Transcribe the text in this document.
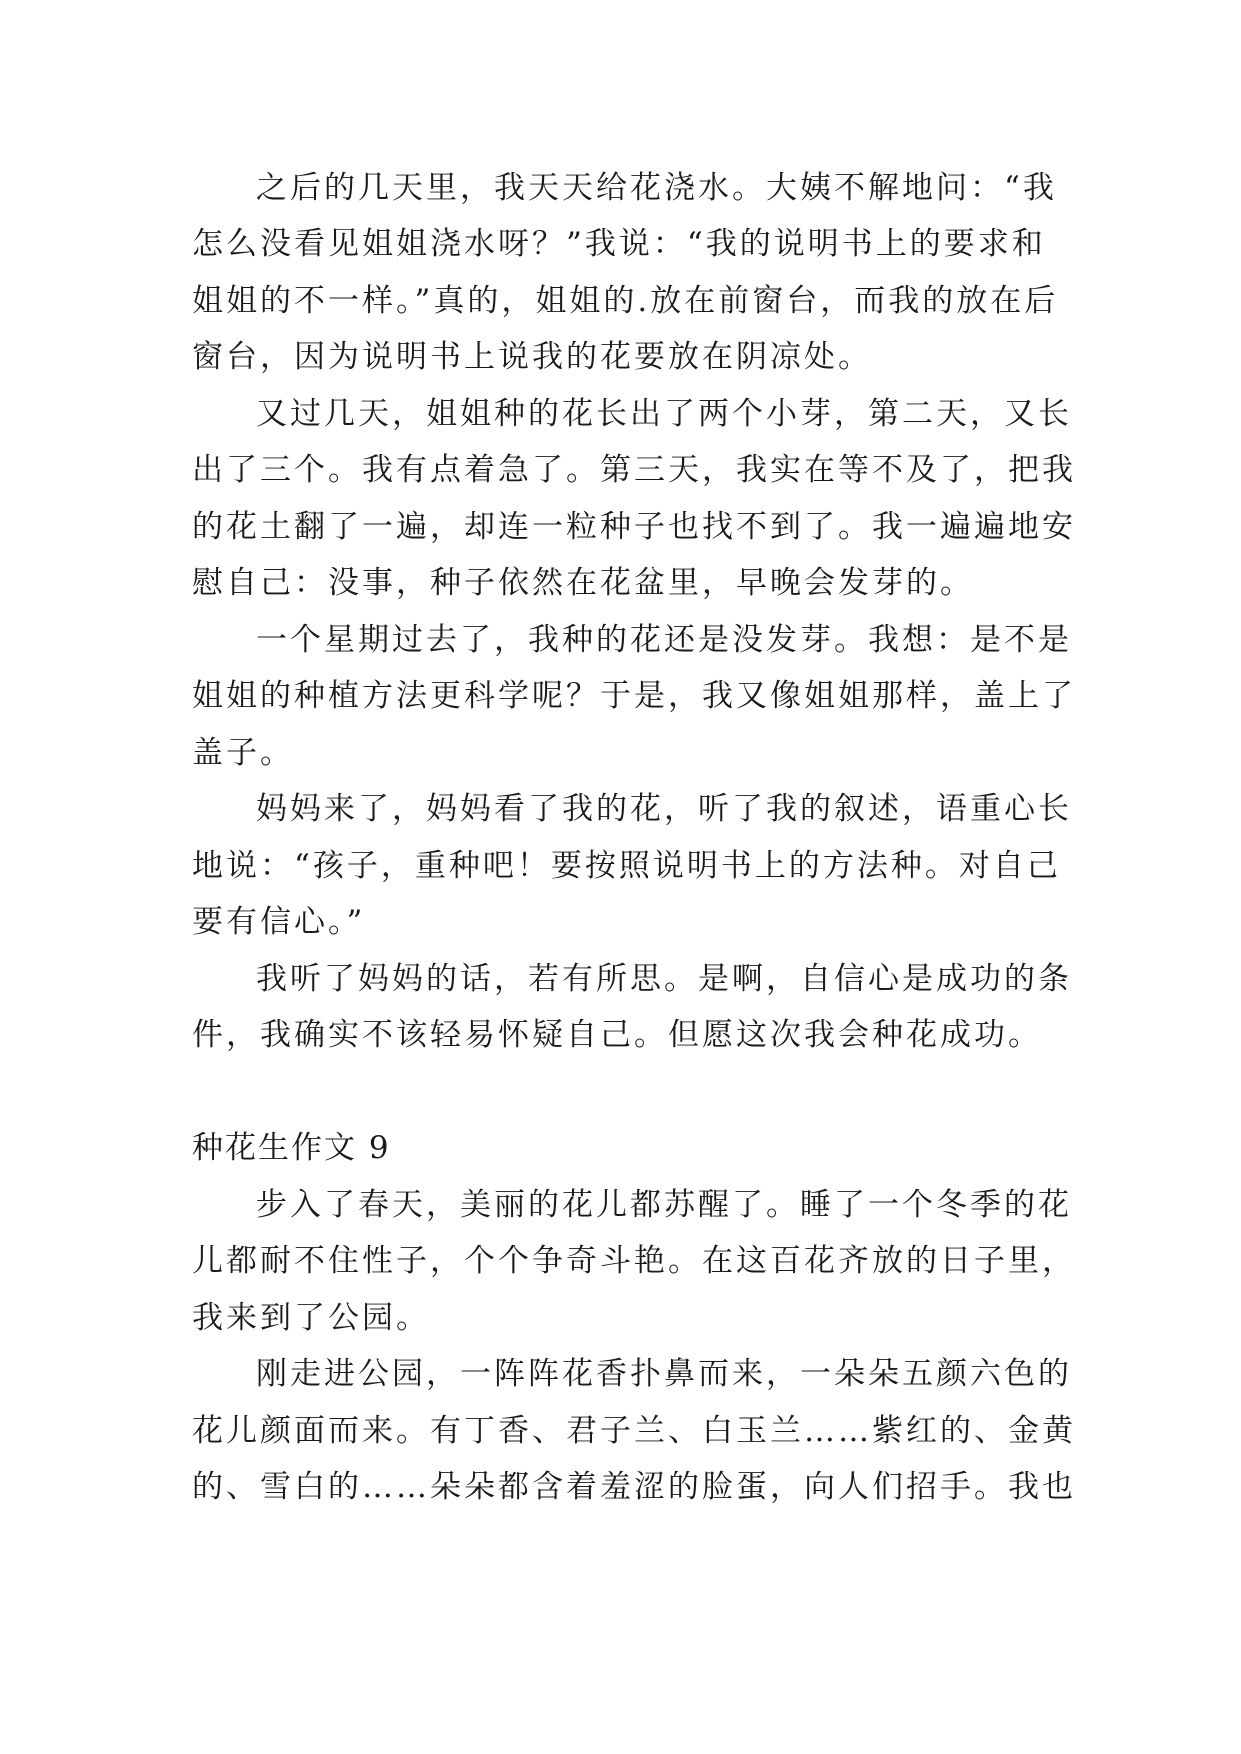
之后的几天里，我天天给花浇水。大姨不解地问：“我
怎么没看见姐姐浇水呀？”我说：“我的说明书上的要求和
姐姐的不一样。”真的，姐姐的.放在前窗台，而我的放在后
窗台，因为说明书上说我的花要放在阴凉处。
又过几天，姐姐种的花长出了两个小芽，第二天，又长
出了三个。我有点着急了。第三天，我实在等不及了，把我
的花土翻了一遍，却连一粒种子也找不到了。我一遍遍地安
慰自己：没事，种子依然在花盆里，早晚会发芽的。
一个星期过去了，我种的花还是没发芽。我想：是不是
姐姐的种植方法更科学呢？于是，我又像姐姐那样，盖上了
盖子。
妈妈来了，妈妈看了我的花，听了我的叙述，语重心长
地说：“孩子，重种吧！要按照说明书上的方法种。对自己
要有信心。”
我听了妈妈的话，若有所思。是啊，自信心是成功的条
件，我确实不该轻易怀疑自己。但愿这次我会种花成功。
种花生作文 9
步入了春天，美丽的花儿都苏醒了。睡了一个冬季的花
儿都耐不住性子，个个争奇斗艳。在这百花齐放的日子里，
我来到了公园。
刚走进公园，一阵阵花香扑鼻而来，一朵朵五颜六色的
花儿颜面而来。有丁香、君子兰、白玉兰……紫红的、金黄
的、雪白的……朵朵都含着羞涩的脸蛋，向人们招手。我也
